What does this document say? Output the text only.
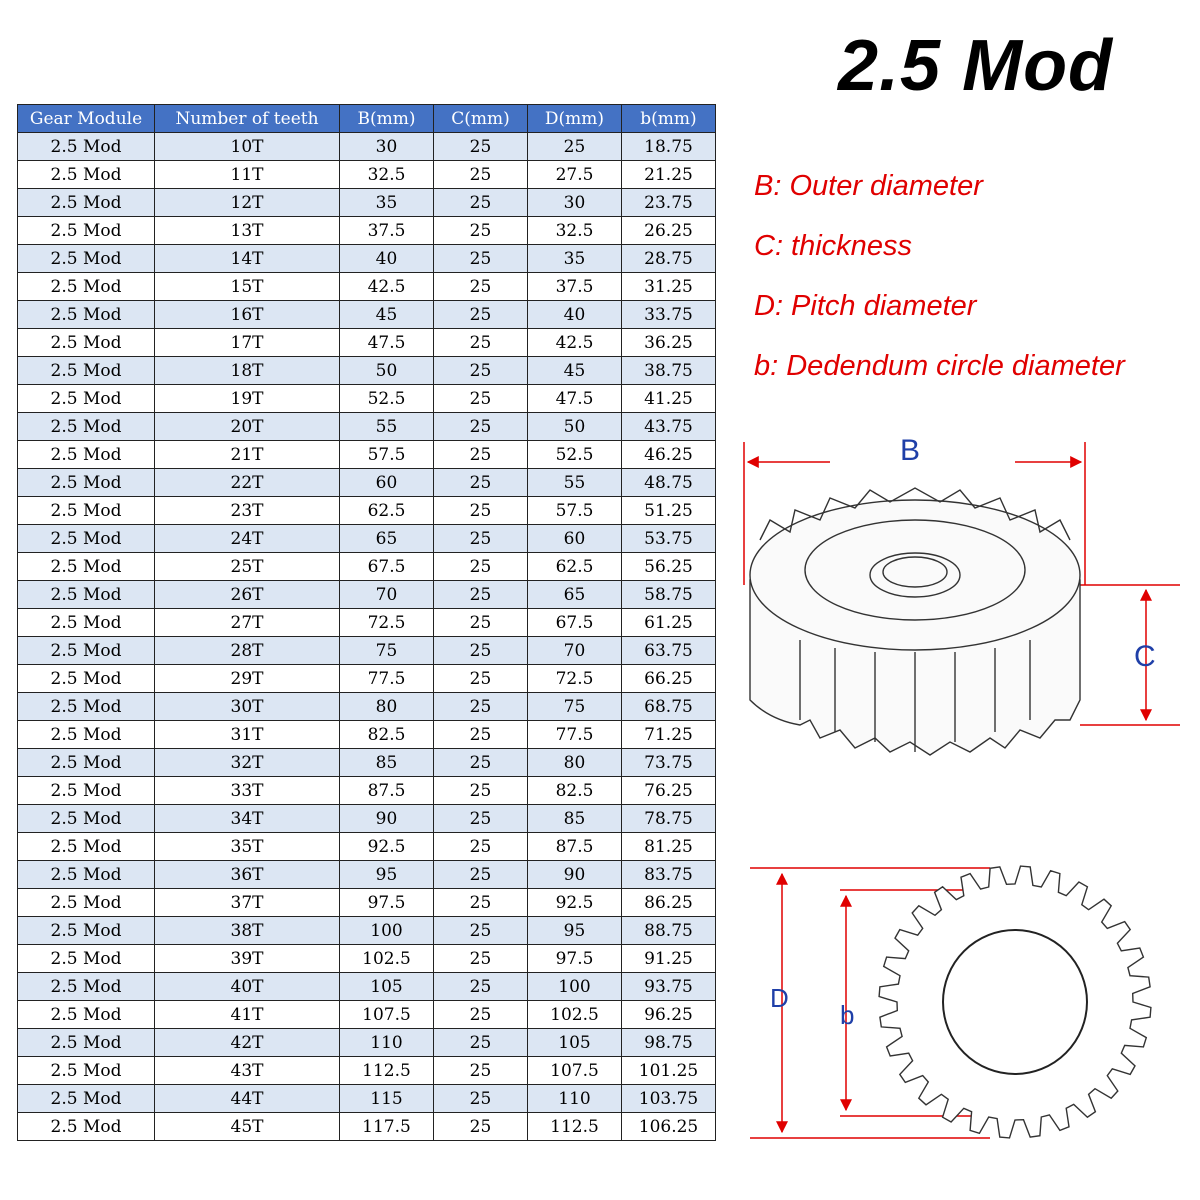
2.5 Mod
Gear Module	Number of teeth	B(mm)	C(mm)	D(mm)	b(mm)
2.5 Mod	10T	30	25	25	18.75
2.5 Mod	11T	32.5	25	27.5	21.25
2.5 Mod	12T	35	25	30	23.75
2.5 Mod	13T	37.5	25	32.5	26.25
2.5 Mod	14T	40	25	35	28.75
2.5 Mod	15T	42.5	25	37.5	31.25
2.5 Mod	16T	45	25	40	33.75
2.5 Mod	17T	47.5	25	42.5	36.25
2.5 Mod	18T	50	25	45	38.75
2.5 Mod	19T	52.5	25	47.5	41.25
2.5 Mod	20T	55	25	50	43.75
2.5 Mod	21T	57.5	25	52.5	46.25
2.5 Mod	22T	60	25	55	48.75
2.5 Mod	23T	62.5	25	57.5	51.25
2.5 Mod	24T	65	25	60	53.75
2.5 Mod	25T	67.5	25	62.5	56.25
2.5 Mod	26T	70	25	65	58.75
2.5 Mod	27T	72.5	25	67.5	61.25
2.5 Mod	28T	75	25	70	63.75
2.5 Mod	29T	77.5	25	72.5	66.25
2.5 Mod	30T	80	25	75	68.75
2.5 Mod	31T	82.5	25	77.5	71.25
2.5 Mod	32T	85	25	80	73.75
2.5 Mod	33T	87.5	25	82.5	76.25
2.5 Mod	34T	90	25	85	78.75
2.5 Mod	35T	92.5	25	87.5	81.25
2.5 Mod	36T	95	25	90	83.75
2.5 Mod	37T	97.5	25	92.5	86.25
2.5 Mod	38T	100	25	95	88.75
2.5 Mod	39T	102.5	25	97.5	91.25
2.5 Mod	40T	105	25	100	93.75
2.5 Mod	41T	107.5	25	102.5	96.25
2.5 Mod	42T	110	25	105	98.75
2.5 Mod	43T	112.5	25	107.5	101.25
2.5 Mod	44T	115	25	110	103.75
2.5 Mod	45T	117.5	25	112.5	106.25
B: Outer diameter
C: thickness
D: Pitch diameter
b: Dedendum circle diameter
B
C
D
b
